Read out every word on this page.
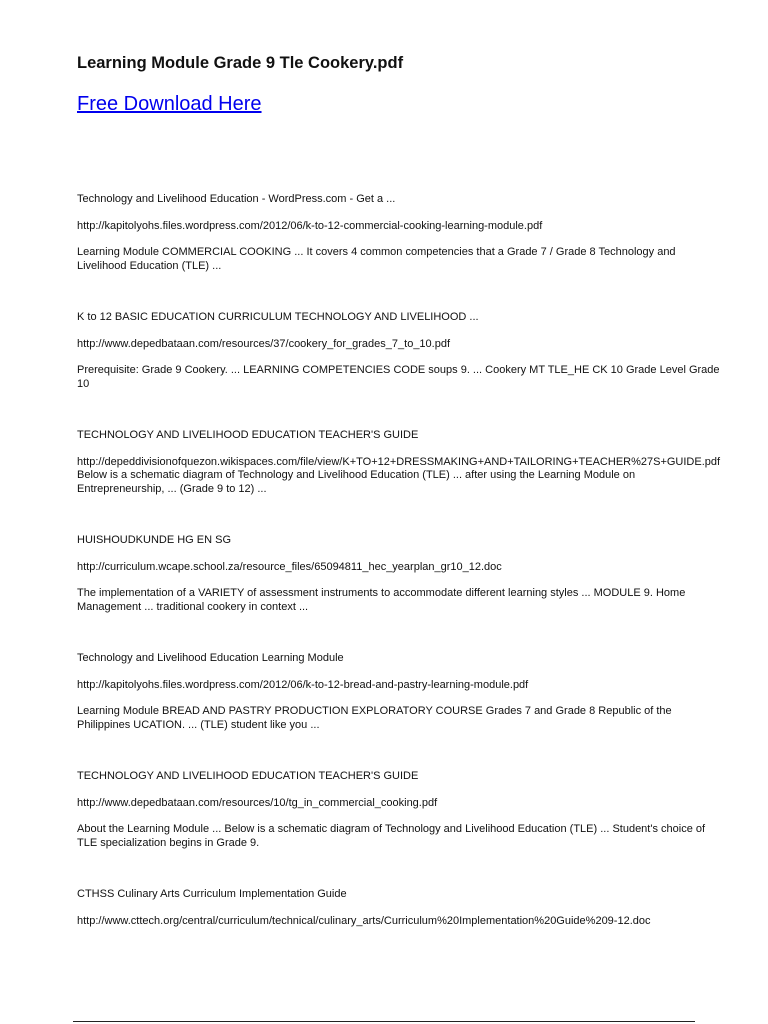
Learning Module Grade 9 Tle Cookery.pdf
Free Download Here

Technology and Livelihood Education - WordPress.com - Get a ...

http://kapitolyohs.files.wordpress.com/2012/06/k-to-12-commercial-cooking-learning-module.pdf

Learning Module COMMERCIAL COOKING ... It covers 4 common competencies that a Grade 7 / Grade 8 Technology and Livelihood Education (TLE) ...

K to 12 BASIC EDUCATION CURRICULUM TECHNOLOGY AND LIVELIHOOD ...

http://www.depedbataan.com/resources/37/cookery_for_grades_7_to_10.pdf

Prerequisite: Grade 9 Cookery. ... LEARNING COMPETENCIES CODE soups 9. ... Cookery MT TLE_HE CK 10 Grade Level Grade 10

TECHNOLOGY AND LIVELIHOOD EDUCATION TEACHER'S GUIDE

http://depeddivisionofquezon.wikispaces.com/file/view/K+TO+12+DRESSMAKING+AND+TAILORING+TEACHER%27S+GUIDE.pdf

Below is a schematic diagram of Technology and Livelihood Education (TLE) ... after using the Learning Module on Entrepreneurship, ... (Grade 9 to 12) ...

HUISHOUDKUNDE HG EN SG

http://curriculum.wcape.school.za/resource_files/65094811_hec_yearplan_gr10_12.doc

The implementation of a VARIETY of assessment instruments to accommodate different learning styles ... MODULE 9. Home Management ... traditional cookery in context ...

Technology and Livelihood Education Learning Module

http://kapitolyohs.files.wordpress.com/2012/06/k-to-12-bread-and-pastry-learning-module.pdf

Learning Module BREAD AND PASTRY PRODUCTION EXPLORATORY COURSE Grades 7 and Grade 8 Republic of the Philippines UCATION. ... (TLE) student like you ...

TECHNOLOGY AND LIVELIHOOD EDUCATION TEACHER'S GUIDE

http://www.depedbataan.com/resources/10/tg_in_commercial_cooking.pdf

About the Learning Module ... Below is a schematic diagram of Technology and Livelihood Education (TLE) ... Student's choice of TLE specialization begins in Grade 9.

CTHSS Culinary Arts Curriculum Implementation Guide

http://www.cttech.org/central/curriculum/technical/culinary_arts/Curriculum%20Implementation%20Guide%209-12.doc
